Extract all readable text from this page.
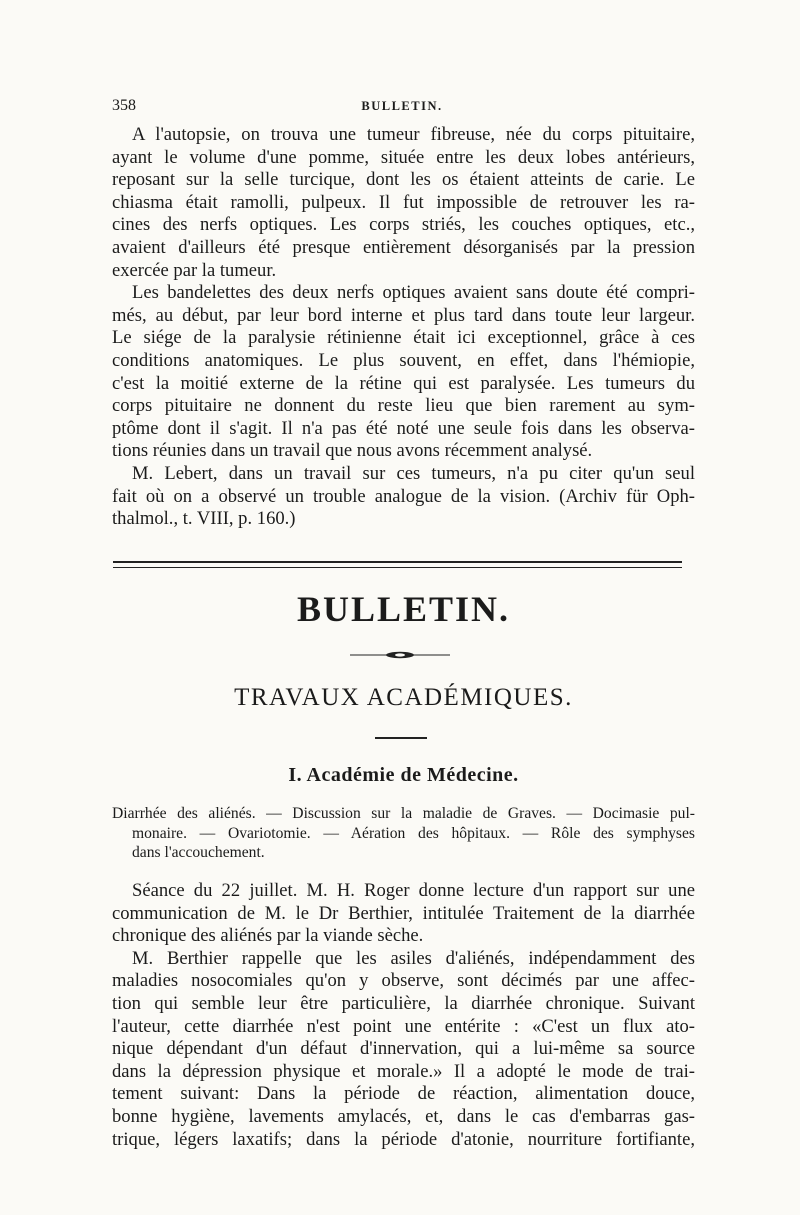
358	BULLETIN.

A l'autopsie, on trouva une tumeur fibreuse, née du corps pituitaire,
ayant le volume d'une pomme, située entre les deux lobes antérieurs,
reposant sur la selle turcique, dont les os étaient atteints de carie. Le
chiasma était ramolli, pulpeux. Il fut impossible de retrouver les ra-
cines des nerfs optiques. Les corps striés, les couches optiques, etc.,
avaient d'ailleurs été presque entièrement désorganisés par la pression
exercée par la tumeur.

Les bandelettes des deux nerfs optiques avaient sans doute été compri-
més, au début, par leur bord interne et plus tard dans toute leur largeur.
Le siége de la paralysie rétinienne était ici exceptionnel, grâce à ces
conditions anatomiques. Le plus souvent, en effet, dans l'hémiopie,
c'est la moitié externe de la rétine qui est paralysée. Les tumeurs du
corps pituitaire ne donnent du reste lieu que bien rarement au sym-
ptôme dont il s'agit. Il n'a pas été noté une seule fois dans les observa-
tions réunies dans un travail que nous avons récemment analysé.

M. Lebert, dans un travail sur ces tumeurs, n'a pu citer qu'un seul
fait où on a observé un trouble analogue de la vision. (Archiv für Oph-
thalmol., t. VIII, p. 160.)

BULLETIN.
TRAVAUX ACADÉMIQUES.
I. Académie de Médecine.
Diarrhée des aliénés. — Discussion sur la maladie de Graves. — Docimasie pul-
monaire. — Ovariotomie. — Aération des hôpitaux. — Rôle des symphyses
dans l'accouchement.

Séance du 22 juillet. M. H. Roger donne lecture d'un rapport sur une
communication de M. le Dr Berthier, intitulée Traitement de la diarrhée
chronique des aliénés par la viande sèche.

M. Berthier rappelle que les asiles d'aliénés, indépendamment des
maladies nosocomiales qu'on y observe, sont décimés par une affec-
tion qui semble leur être particulière, la diarrhée chronique. Suivant
l'auteur, cette diarrhée n'est point une entérite : «C'est un flux ato-
nique dépendant d'un défaut d'innervation, qui a lui-même sa source
dans la dépression physique et morale.» Il a adopté le mode de trai-
tement suivant: Dans la période de réaction, alimentation douce,
bonne hygiène, lavements amylacés, et, dans le cas d'embarras gas-
trique, légers laxatifs; dans la période d'atonie, nourriture fortifiante,
